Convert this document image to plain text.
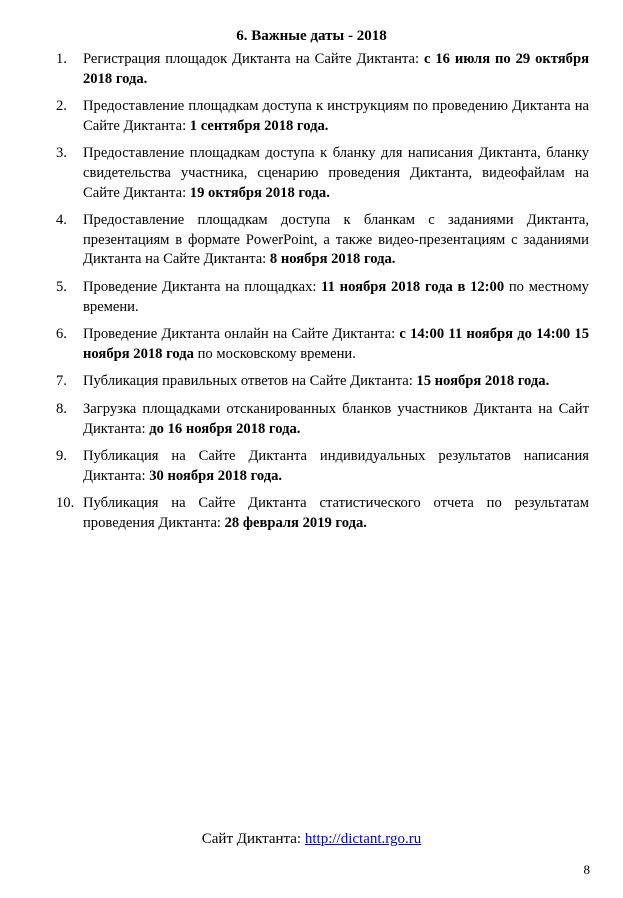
6. Важные даты - 2018
1. Регистрация площадок Диктанта на Сайте Диктанта: с 16 июля по 29 октября 2018 года.
2. Предоставление площадкам доступа к инструкциям по проведению Диктанта на Сайте Диктанта: 1 сентября 2018 года.
3. Предоставление площадкам доступа к бланку для написания Диктанта, бланку свидетельства участника, сценарию проведения Диктанта, видеофайлам на Сайте Диктанта: 19 октября 2018 года.
4. Предоставление площадкам доступа к бланкам с заданиями Диктанта, презентациям в формате PowerPoint, а также видео-презентациям с заданиями Диктанта на Сайте Диктанта: 8 ноября 2018 года.
5. Проведение Диктанта на площадках: 11 ноября 2018 года в 12:00 по местному времени.
6. Проведение Диктанта онлайн на Сайте Диктанта: с 14:00 11 ноября до 14:00 15 ноября 2018 года по московскому времени.
7. Публикация правильных ответов на Сайте Диктанта: 15 ноября 2018 года.
8. Загрузка площадками отсканированных бланков участников Диктанта на Сайт Диктанта: до 16 ноября 2018 года.
9. Публикация на Сайте Диктанта индивидуальных результатов написания Диктанта: 30 ноября 2018 года.
10. Публикация на Сайте Диктанта статистического отчета по результатам проведения Диктанта: 28 февраля 2019 года.
Сайт Диктанта: http://dictant.rgo.ru
8
